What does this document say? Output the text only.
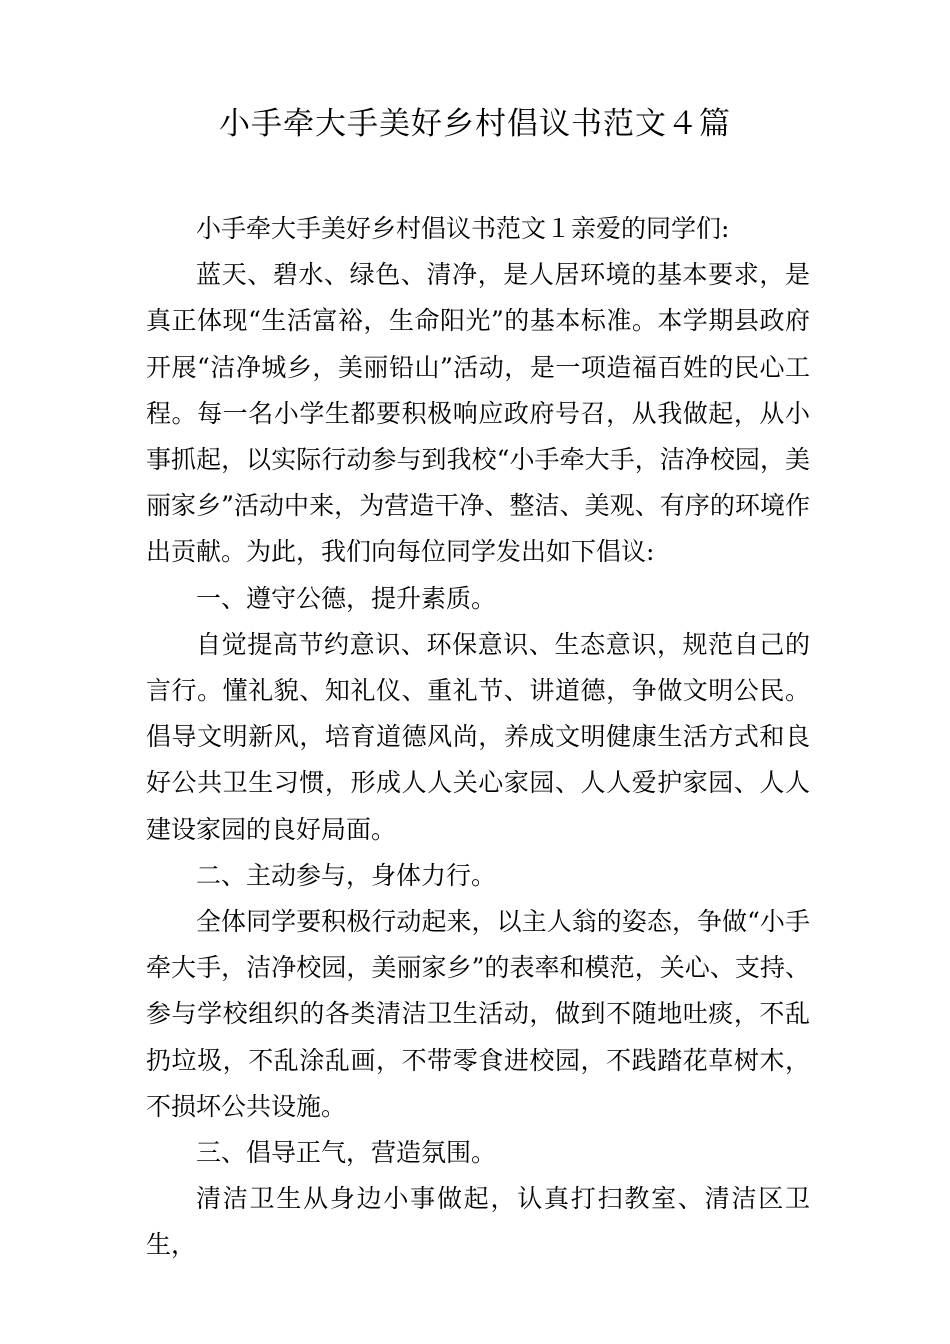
小手牵大手美好乡村倡议书范文４篇

小手牵大手美好乡村倡议书范文１亲爱的同学们:

蓝天、碧水、绿色、清净，是人居环境的基本要求，是真正体现“生活富裕，生命阳光”的基本标准。本学期县政府开展“洁净城乡，美丽铅山”活动，是一项造福百姓的民心工程。每一名小学生都要积极响应政府号召，从我做起，从小事抓起，以实际行动参与到我校“小手牵大手，洁净校园，美丽家乡”活动中来，为营造干净、整洁、美观、有序的环境作出贡献。为此，我们向每位同学发出如下倡议:

一、遵守公德，提升素质。

自觉提高节约意识、环保意识、生态意识，规范自己的言行。懂礼貌、知礼仪、重礼节、讲道德，争做文明公民。倡导文明新风，培育道德风尚，养成文明健康生活方式和良好公共卫生习惯，形成人人关心家园、人人爱护家园、人人建设家园的良好局面。

二、主动参与，身体力行。

全体同学要积极行动起来，以主人翁的姿态，争做“小手牵大手，洁净校园，美丽家乡”的表率和模范，关心、支持、参与学校组织的各类清洁卫生活动，做到不随地吐痰，不乱扔垃圾，不乱涂乱画，不带零食进校园，不践踏花草树木，不损坏公共设施。

三、倡导正气，营造氛围。

清洁卫生从身边小事做起，认真打扫教室、清洁区卫生，
